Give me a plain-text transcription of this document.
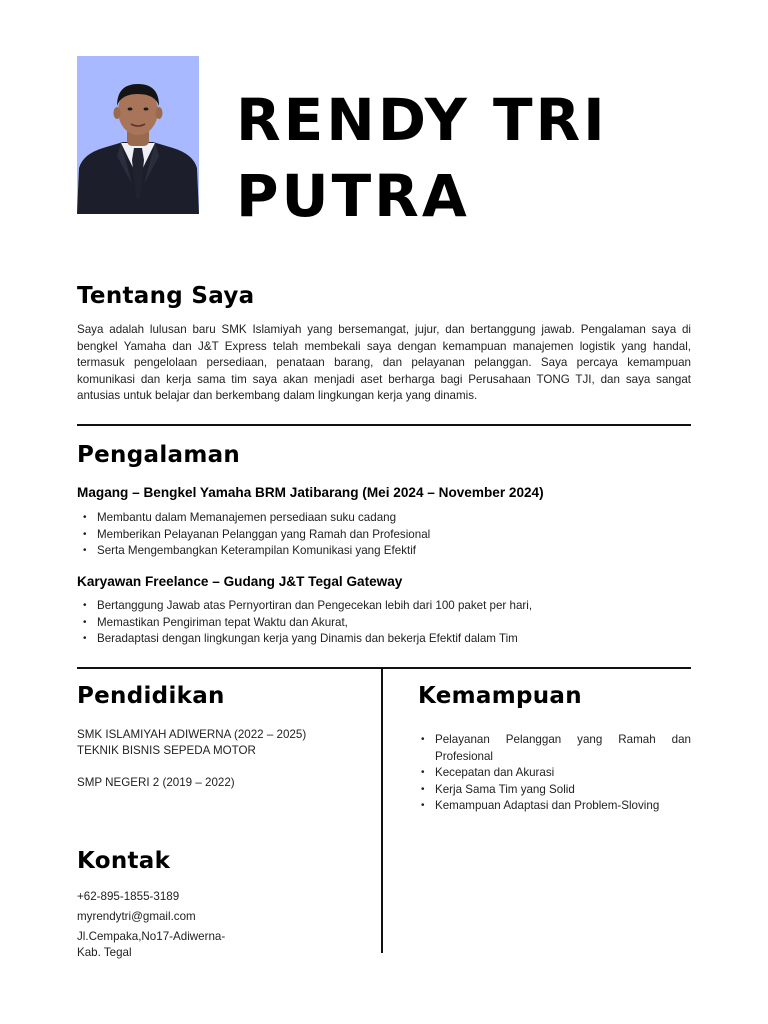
RENDY TRI
PUTRA
Tentang Saya

Saya adalah lulusan baru SMK Islamiyah yang bersemangat, jujur, dan bertanggung jawab. Pengalaman saya di bengkel Yamaha dan J&T Express telah membekali saya dengan kemampuan manajemen logistik yang handal, termasuk pengelolaan persediaan, penataan barang, dan pelayanan pelanggan. Saya percaya kemampuan komunikasi dan kerja sama tim saya akan menjadi aset berharga bagi Perusahaan TONG TJI, dan saya sangat antusias untuk belajar dan berkembang dalam lingkungan kerja yang dinamis.

Pengalaman

Magang – Bengkel Yamaha BRM Jatibarang (Mei 2024 – November 2024)

• Membantu dalam Memanajemen persediaan suku cadang
• Memberikan Pelayanan Pelanggan yang Ramah dan Profesional
• Serta Mengembangkan Keterampilan Komunikasi yang Efektif

Karyawan Freelance – Gudang J&T Tegal Gateway

• Bertanggung Jawab atas Pernyortiran dan Pengecekan lebih dari 100 paket per hari,
• Memastikan Pengiriman tepat Waktu dan Akurat,
• Beradaptasi dengan lingkungan kerja yang Dinamis dan bekerja Efektif dalam Tim
Pendidikan

SMK ISLAMIYAH ADIWERNA (2022 – 2025)

TEKNIK BISNIS SEPEDA MOTOR

SMP NEGERI 2 (2019 – 2022)

Kemampuan
• Pelayanan Pelanggan yang Ramah dan Profesional
• Kecepatan dan Akurasi
• Kerja Sama Tim yang Solid
• Kemampuan Adaptasi dan Problem-Sloving
Kontak

+62-895-1855-3189

myrendytri@gmail.com

Jl.Cempaka,No17-Adiwerna-

Kab. Tegal
